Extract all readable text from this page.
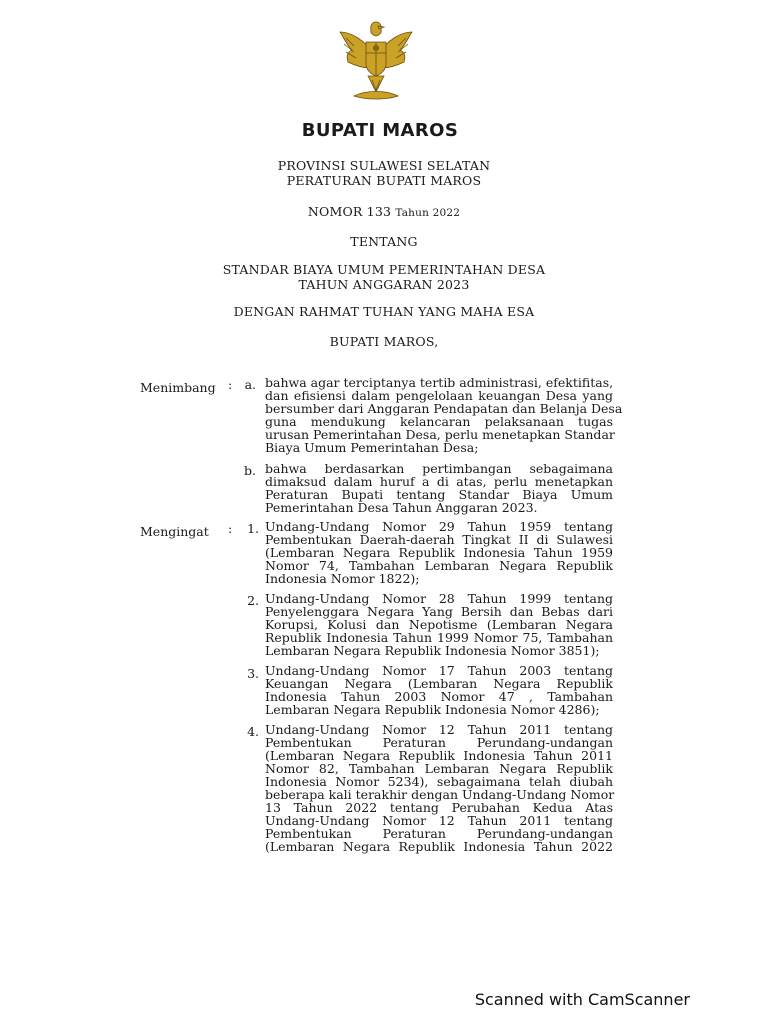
BUPATI MAROS
PROVINSI SULAWESI SELATAN
PERATURAN BUPATI MAROS
NOMOR 133 Tahun 2022
TENTANG
STANDAR BIAYA UMUM PEMERINTAHAN DESA
TAHUN ANGGARAN 2023
DENGAN RAHMAT TUHAN YANG MAHA ESA
BUPATI MAROS,
Menimbang : a. bahwa agar terciptanya tertib administrasi, efektifitas,
dan efisiensi dalam pengelolaan keuangan Desa yang
bersumber dari Anggaran Pendapatan dan Belanja Desa
guna mendukung kelancaran pelaksanaan tugas
urusan Pemerintahan Desa, perlu menetapkan Standar
Biaya Umum Pemerintahan Desa;
b. bahwa berdasarkan pertimbangan sebagaimana
dimaksud dalam huruf a di atas, perlu menetapkan
Peraturan Bupati tentang Standar Biaya Umum
Pemerintahan Desa Tahun Anggaran 2023.
Mengingat :	1. Undang-Undang Nomor 29 Tahun 1959 tentang
Pembentukan Daerah-daerah Tingkat II di Sulawesi
(Lembaran Negara Republik Indonesia Tahun 1959
Nomor 74, Tambahan Lembaran Negara Republik
Indonesia Nomor 1822);
2. Undang-Undang Nomor 28 Tahun 1999 tentang
Penyelenggara Negara Yang Bersih dan Bebas dari
Korupsi, Kolusi dan Nepotisme (Lembaran Negara
Republik Indonesia Tahun 1999 Nomor 75, Tambahan
Lembaran Negara Republik Indonesia Nomor 3851);
3. Undang-Undang Nomor 17 Tahun 2003 tentang
Keuangan Negara (Lembaran Negara Republik
Indonesia Tahun 2003 Nomor 47 , Tambahan
Lembaran Negara Republik Indonesia Nomor 4286);
4. Undang-Undang Nomor 12 Tahun 2011 tentang
Pembentukan Peraturan Perundang-undangan
(Lembaran Negara Republik Indonesia Tahun 2011
Nomor 82, Tambahan Lembaran Negara Republik
Indonesia Nomor 5234), sebagaimana telah diubah
beberapa kali terakhir dengan Undang-Undang Nomor
13 Tahun 2022 tentang Perubahan Kedua Atas
Undang-Undang Nomor 12 Tahun 2011 tentang
Pembentukan Peraturan Perundang-undangan
(Lembaran Negara Republik Indonesia Tahun 2022
Scanned with CamScanner
